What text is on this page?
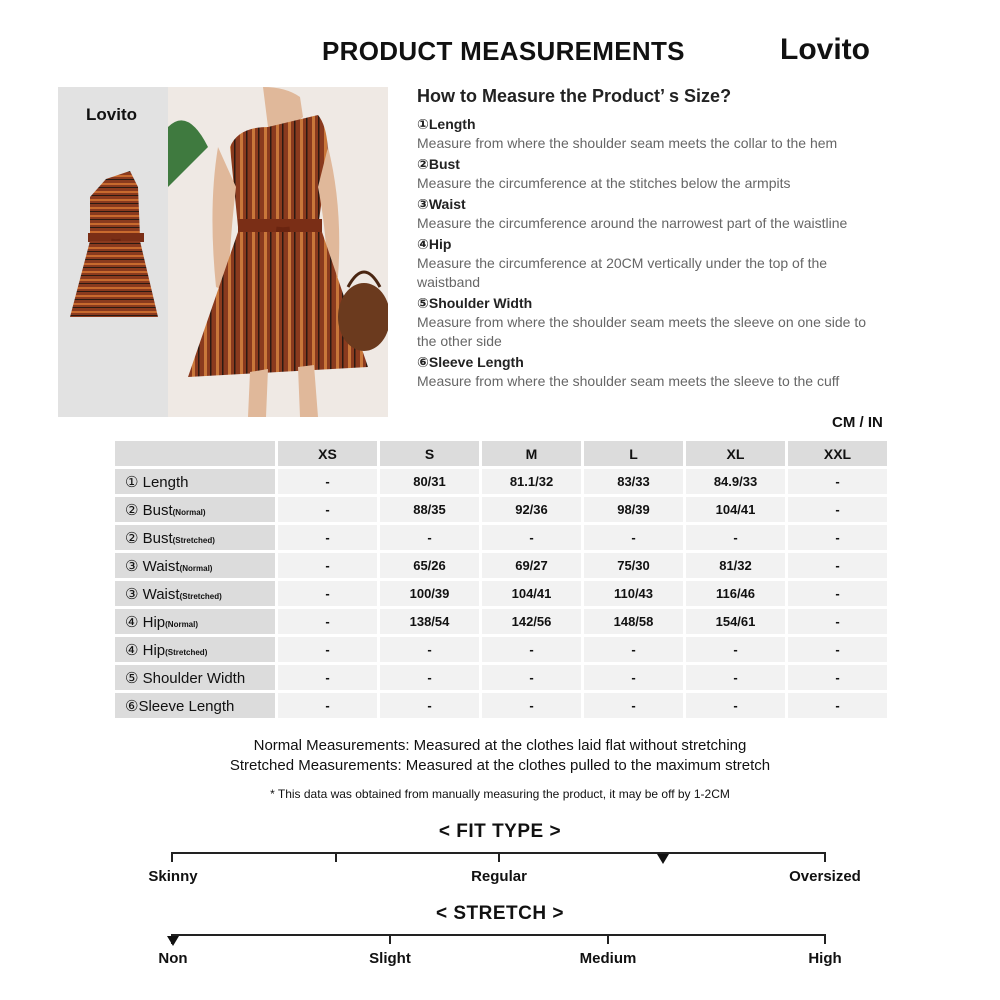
PRODUCT MEASUREMENTS	Lovito
Lovito
How to Measure the Product’ s Size?
①Length
Measure from where the shoulder seam meets the collar to the hem
②Bust
Measure the circumference at the stitches below the armpits
③Waist
Measure the circumference around the narrowest part of the waistline
④Hip
Measure the circumference at 20CM vertically under the top of the waistband
⑤Shoulder Width
Measure from where the shoulder seam meets the sleeve on one side to the other side
⑥Sleeve Length
Measure from where the shoulder seam meets the sleeve to the cuff
CM / IN
	XS	S	M	L	XL	XXL
① Length	-	80/31	81.1/32	83/33	84.9/33	-
② Bust(Normal)	-	88/35	92/36	98/39	104/41	-
② Bust(Stretched)	-	-	-	-	-	-
③ Waist(Normal)	-	65/26	69/27	75/30	81/32	-
③ Waist(Stretched)	-	100/39	104/41	110/43	116/46	-
④ Hip(Normal)	-	138/54	142/56	148/58	154/61	-
④ Hip(Stretched)	-	-	-	-	-	-
⑤ Shoulder Width	-	-	-	-	-	-
⑥Sleeve Length	-	-	-	-	-	-
Normal Measurements: Measured at the clothes laid flat without stretching
Stretched Measurements: Measured at the clothes pulled to the maximum stretch
* This data was obtained from manually measuring the product, it may be off by 1-2CM
< FIT TYPE >
Skinny	Regular	Oversized
< STRETCH >
Non	Slight	Medium	High
